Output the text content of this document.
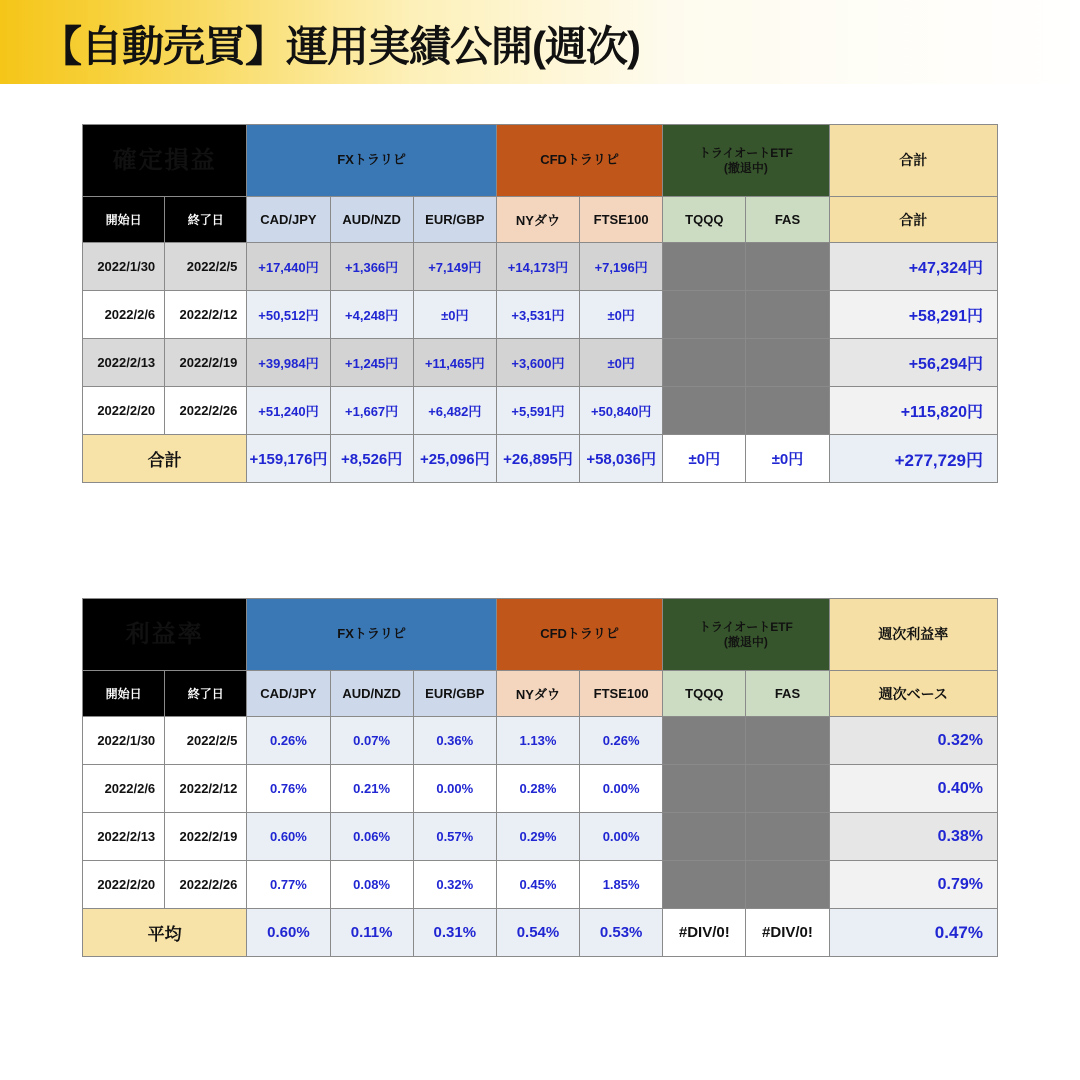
【自動売買】運用実績公開(週次)
確定損益		FXトラリピ			CFDトラリピ		トライオートETF
(撤退中)		合計
開始日	終了日	CAD/JPY	AUD/NZD	EUR/GBP	NYダウ	FTSE100	TQQQ	FAS	合計
2022/1/30	2022/2/5	+17,440円	+1,366円	+7,149円	+14,173円	+7,196円			+47,324円
2022/2/6	2022/2/12	+50,512円	+4,248円	±0円	+3,531円	±0円			+58,291円
2022/2/13	2022/2/19	+39,984円	+1,245円	+11,465円	+3,600円	±0円			+56,294円
2022/2/20	2022/2/26	+51,240円	+1,667円	+6,482円	+5,591円	+50,840円			+115,820円
合計		+159,176円	+8,526円	+25,096円	+26,895円	+58,036円	±0円	±0円	+277,729円
利益率		FXトラリピ			CFDトラリピ		トライオートETF
(撤退中)		週次利益率
開始日	終了日	CAD/JPY	AUD/NZD	EUR/GBP	NYダウ	FTSE100	TQQQ	FAS	週次ベース
2022/1/30	2022/2/5	0.26%	0.07%	0.36%	1.13%	0.26%			0.32%
2022/2/6	2022/2/12	0.76%	0.21%	0.00%	0.28%	0.00%			0.40%
2022/2/13	2022/2/19	0.60%	0.06%	0.57%	0.29%	0.00%			0.38%
2022/2/20	2022/2/26	0.77%	0.08%	0.32%	0.45%	1.85%			0.79%
平均		0.60%	0.11%	0.31%	0.54%	0.53%	#DIV/0!	#DIV/0!	0.47%
